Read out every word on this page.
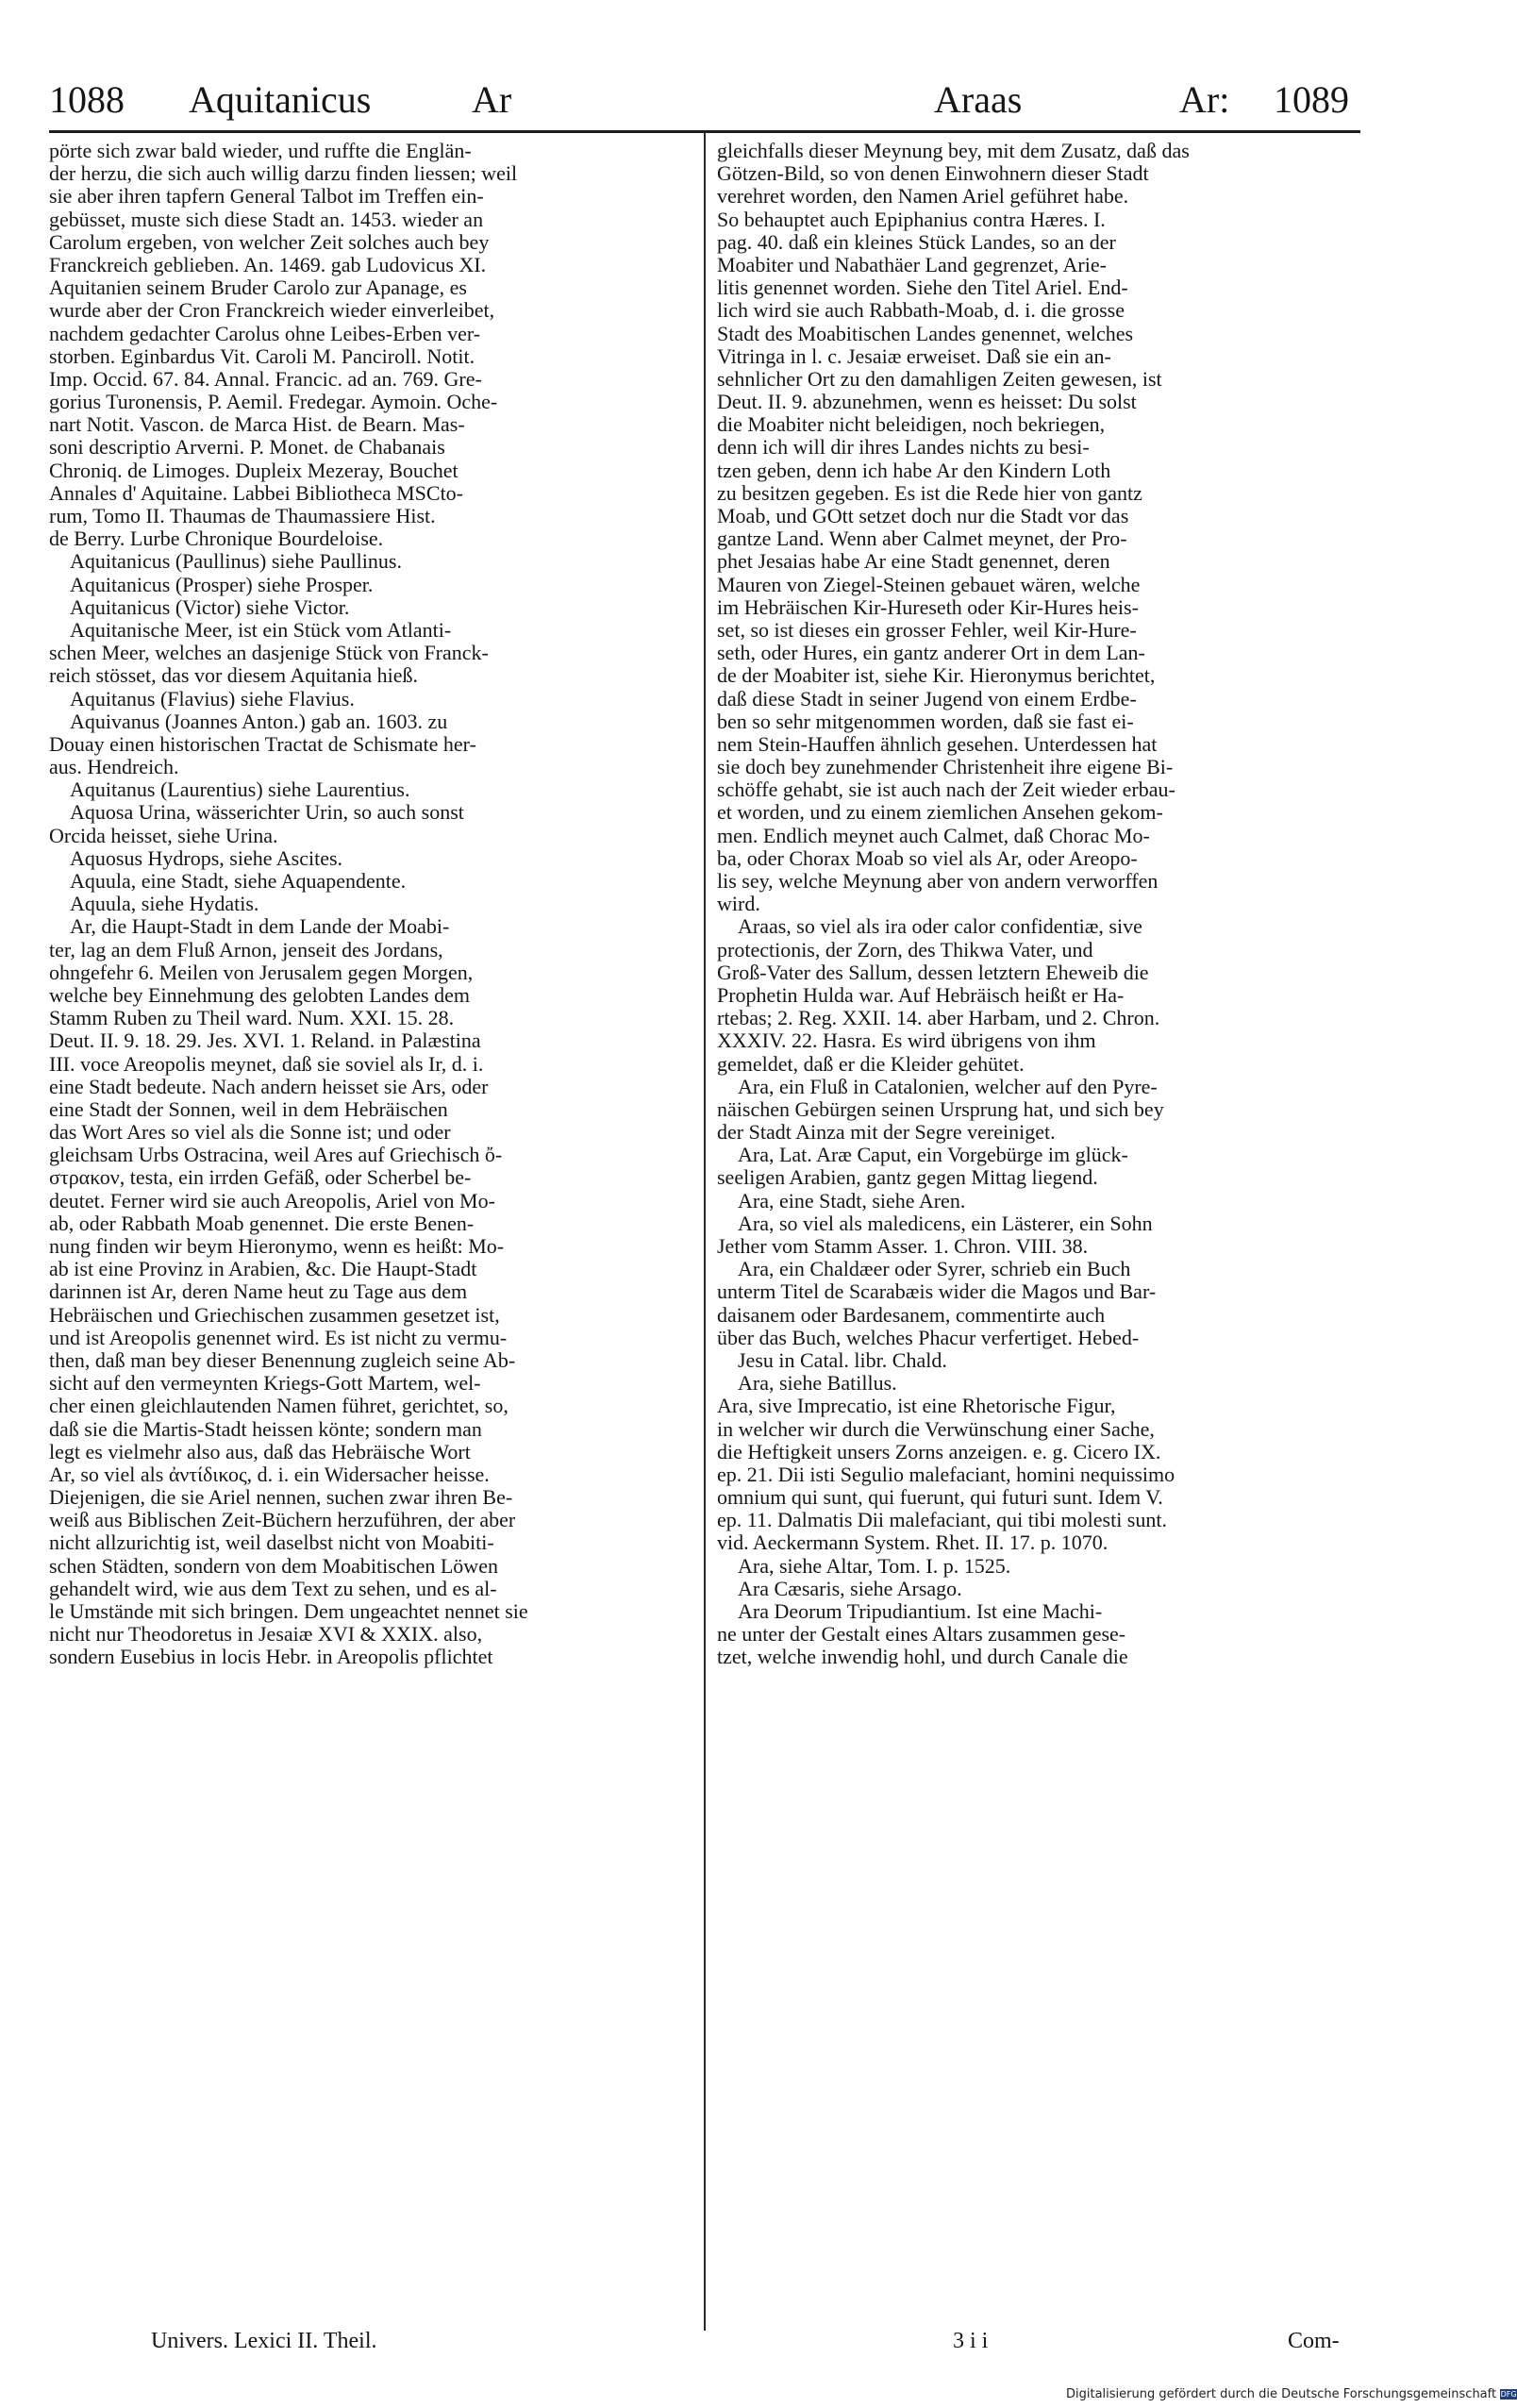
1088 Aquitanicus	Ar	Araas	Ar: 1089
pörte sich zwar bald wieder, und ruffte die Englän-
der herzu, die sich auch willig darzu finden liessen; weil
sie aber ihren tapfern General Talbot im Treffen ein-
gebüsset, muste sich diese Stadt an. 1453. wieder an
Carolum ergeben, von welcher Zeit solches auch bey
Franckreich geblieben. An. 1469. gab Ludovicus XI.
Aquitanien seinem Bruder Carolo zur Apanage, es
wurde aber der Cron Franckreich wieder einverleibet,
nachdem gedachter Carolus ohne Leibes-Erben ver-
storben. Eginbardus Vit. Caroli M. Panciroll. Notit.
Imp. Occid. 67. 84. Annal. Francic. ad an. 769. Gre-
gorius Turonensis, P. Aemil. Fredegar. Aymoin. Oche-
nart Notit. Vascon. de Marca Hist. de Bearn. Mas-
soni descriptio Arverni. P. Monet. de Chabanais
Chroniq. de Limoges. Dupleix Mezeray, Bouchet
Annales d' Aquitaine. Labbei Bibliotheca MSCto-
rum, Tomo II. Thaumas de Thaumassiere Hist.
de Berry. Lurbe Chronique Bourdeloise.
Aquitanicus (Paullinus) siehe Paullinus.
Aquitanicus (Prosper) siehe Prosper.
Aquitanicus (Victor) siehe Victor.
Aquitanische Meer, ist ein Stück vom Atlanti-
schen Meer, welches an dasjenige Stück von Franck-
reich stösset, das vor diesem Aquitania hieß.
Aquitanus (Flavius) siehe Flavius.
Aquivanus (Joannes Anton.) gab an. 1603. zu
Douay einen historischen Tractat de Schismate her-
aus. Hendreich.
Aquitanus (Laurentius) siehe Laurentius.
Aquosa Urina, wässerichter Urin, so auch sonst
Orcida heisset, siehe Urina.
Aquosus Hydrops, siehe Ascites.
Aquula, eine Stadt, siehe Aquapendente.
Aquula, siehe Hydatis.
Ar, die Haupt-Stadt in dem Lande der Moabi-
ter, lag an dem Fluß Arnon, jenseit des Jordans,
ohngefehr 6. Meilen von Jerusalem gegen Morgen,
welche bey Einnehmung des gelobten Landes dem
Stamm Ruben zu Theil ward. Num. XXI. 15. 28.
Deut. II. 9. 18. 29. Jes. XVI. 1. Reland. in Palæstina
III. voce Areopolis meynet, daß sie soviel als Ir, d. i.
eine Stadt bedeute. Nach andern heisset sie Ars, oder
eine Stadt der Sonnen, weil in dem Hebräischen
das Wort Ares so viel als die Sonne ist; und oder
gleichsam Urbs Ostracina, weil Ares auf Griechisch ὄ-
στρακον, testa, ein irrden Gefäß, oder Scherbel be-
deutet. Ferner wird sie auch Areopolis, Ariel von Mo-
ab, oder Rabbath Moab genennet. Die erste Benen-
nung finden wir beym Hieronymo, wenn es heißt: Mo-
ab ist eine Provinz in Arabien, &c. Die Haupt-Stadt
darinnen ist Ar, deren Name heut zu Tage aus dem
Hebräischen und Griechischen zusammen gesetzet ist,
und ist Areopolis genennet wird. Es ist nicht zu vermu-
then, daß man bey dieser Benennung zugleich seine Ab-
sicht auf den vermeynten Kriegs-Gott Martem, wel-
cher einen gleichlautenden Namen führet, gerichtet, so,
daß sie die Martis-Stadt heissen könte; sondern man
legt es vielmehr also aus, daß das Hebräische Wort
Ar, so viel als ἀντίδικος, d. i. ein Widersacher heisse.
Diejenigen, die sie Ariel nennen, suchen zwar ihren Be-
weiß aus Biblischen Zeit-Büchern herzuführen, der aber
nicht allzurichtig ist, weil daselbst nicht von Moabiti-
schen Städten, sondern von dem Moabitischen Löwen
gehandelt wird, wie aus dem Text zu sehen, und es al-
le Umstände mit sich bringen. Dem ungeachtet nennet sie
nicht nur Theodoretus in Jesaiæ XVI & XXIX. also,
sondern Eusebius in locis Hebr. in Areopolis pflichtet
gleichfalls dieser Meynung bey, mit dem Zusatz, daß das
Götzen-Bild, so von denen Einwohnern dieser Stadt
verehret worden, den Namen Ariel geführet habe.
So behauptet auch Epiphanius contra Hæres. I.
pag. 40. daß ein kleines Stück Landes, so an der
Moabiter und Nabathäer Land gegrenzet, Arie-
litis genennet worden. Siehe den Titel Ariel. End-
lich wird sie auch Rabbath-Moab, d. i. die grosse
Stadt des Moabitischen Landes genennet, welches
Vitringa in l. c. Jesaiæ erweiset. Daß sie ein an-
sehnlicher Ort zu den damahligen Zeiten gewesen, ist
Deut. II. 9. abzunehmen, wenn es heisset: Du solst
die Moabiter nicht beleidigen, noch bekriegen,
denn ich will dir ihres Landes nichts zu besi-
tzen geben, denn ich habe Ar den Kindern Loth
zu besitzen gegeben. Es ist die Rede hier von gantz
Moab, und GOtt setzet doch nur die Stadt vor das
gantze Land. Wenn aber Calmet meynet, der Pro-
phet Jesaias habe Ar eine Stadt genennet, deren
Mauren von Ziegel-Steinen gebauet wären, welche
im Hebräischen Kir-Hureseth oder Kir-Hures heis-
set, so ist dieses ein grosser Fehler, weil Kir-Hure-
seth, oder Hures, ein gantz anderer Ort in dem Lan-
de der Moabiter ist, siehe Kir. Hieronymus berichtet,
daß diese Stadt in seiner Jugend von einem Erdbe-
ben so sehr mitgenommen worden, daß sie fast ei-
nem Stein-Hauffen ähnlich gesehen. Unterdessen hat
sie doch bey zunehmender Christenheit ihre eigene Bi-
schöffe gehabt, sie ist auch nach der Zeit wieder erbau-
et worden, und zu einem ziemlichen Ansehen gekom-
men. Endlich meynet auch Calmet, daß Chorac Mo-
ba, oder Chorax Moab so viel als Ar, oder Areopo-
lis sey, welche Meynung aber von andern verworffen
wird.
Araas, so viel als ira oder calor confidentiæ, sive
protectionis, der Zorn, des Thikwa Vater, und
Groß-Vater des Sallum, dessen letztern Eheweib die
Prophetin Hulda war. Auf Hebräisch heißt er Ha-
rtebas; 2. Reg. XXII. 14. aber Harbam, und 2. Chron.
XXXIV. 22. Hasra. Es wird übrigens von ihm
gemeldet, daß er die Kleider gehütet.
Ara, ein Fluß in Catalonien, welcher auf den Pyre-
näischen Gebürgen seinen Ursprung hat, und sich bey
der Stadt Ainza mit der Segre vereiniget.
Ara, Lat. Aræ Caput, ein Vorgebürge im glück-
seeligen Arabien, gantz gegen Mittag liegend.
Ara, eine Stadt, siehe Aren.
Ara, so viel als maledicens, ein Lästerer, ein Sohn
Jether vom Stamm Asser. 1. Chron. VIII. 38.
Ara, ein Chaldæer oder Syrer, schrieb ein Buch
unterm Titel de Scarabæis wider die Magos und Bar-
daisanem oder Bardesanem, commentirte auch
über das Buch, welches Phacur verfertiget. Hebed-
Jesu in Catal. libr. Chald.
Ara, siehe Batillus.
Ara, sive Imprecatio, ist eine Rhetorische Figur,
in welcher wir durch die Verwünschung einer Sache,
die Heftigkeit unsers Zorns anzeigen. e. g. Cicero IX.
ep. 21. Dii isti Segulio malefaciant, homini nequissimo
omnium qui sunt, qui fuerunt, qui futuri sunt. Idem V.
ep. 11. Dalmatis Dii malefaciant, qui tibi molesti sunt.
vid. Aeckermann System. Rhet. II. 17. p. 1070.
Ara, siehe Altar, Tom. I. p. 1525.
Ara Cæsaris, siehe Arsago.
Ara Deorum Tripudiantium. Ist eine Machi-
ne unter der Gestalt eines Altars zusammen gese-
tzet, welche inwendig hohl, und durch Canale die
Univers. Lexici II. Theil.	3 i i	Com-
Digitalisierung gefördert durch die Deutsche Forschungsgemeinschaft DFG
